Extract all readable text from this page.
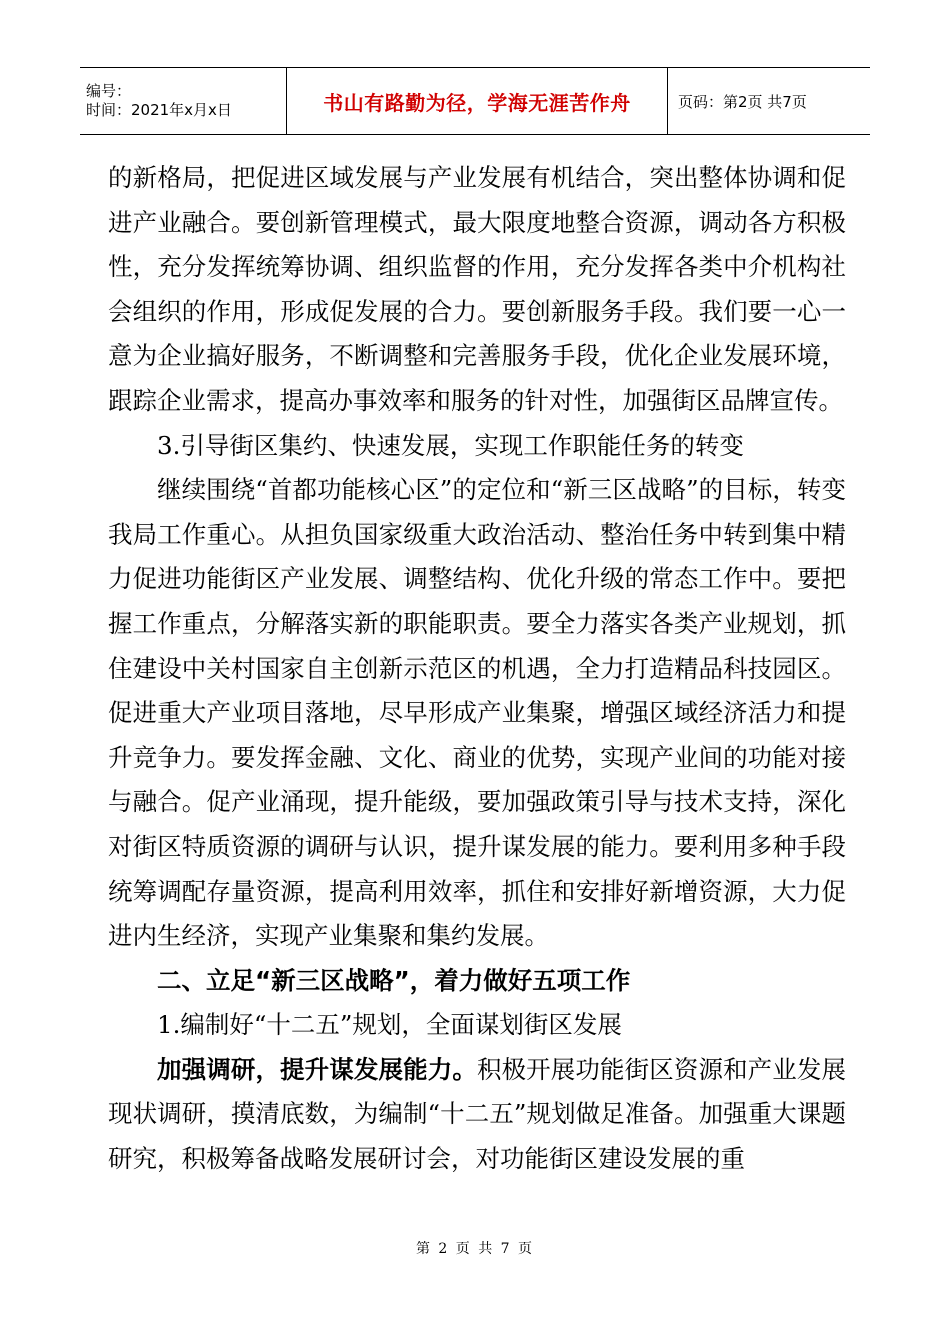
编号：
时间：2021年x月x日	书山有路勤为径，学海无涯苦作舟	页码：第2页 共7页

的新格局，把促进区域发展与产业发展有机结合，突出整体协调和促进产业融合。要创新管理模式，最大限度地整合资源，调动各方积极性，充分发挥统筹协调、组织监督的作用，充分发挥各类中介机构社会组织的作用，形成促发展的合力。要创新服务手段。我们要一心一意为企业搞好服务，不断调整和完善服务手段，优化企业发展环境，跟踪企业需求，提高办事效率和服务的针对性，加强街区品牌宣传。

3.引导街区集约、快速发展，实现工作职能任务的转变

继续围绕“首都功能核心区”的定位和“新三区战略”的目标，转变我局工作重心。从担负国家级重大政治活动、整治任务中转到集中精力促进功能街区产业发展、调整结构、优化升级的常态工作中。要把握工作重点，分解落实新的职能职责。要全力落实各类产业规划，抓住建设中关村国家自主创新示范区的机遇，全力打造精品科技园区。促进重大产业项目落地，尽早形成产业集聚，增强区域经济活力和提升竞争力。要发挥金融、文化、商业的优势，实现产业间的功能对接与融合。促产业涌现，提升能级，要加强政策引导与技术支持，深化对街区特质资源的调研与认识，提升谋发展的能力。要利用多种手段统筹调配存量资源，提高利用效率，抓住和安排好新增资源，大力促进内生经济，实现产业集聚和集约发展。

二、立足“新三区战略”，着力做好五项工作

1.编制好“十二五”规划，全面谋划街区发展

加强调研，提升谋发展能力。积极开展功能街区资源和产业发展现状调研，摸清底数，为编制“十二五”规划做足准备。加强重大课题研究，积极筹备战略发展研讨会，对功能街区建设发展的重

第 2 页 共 7 页
